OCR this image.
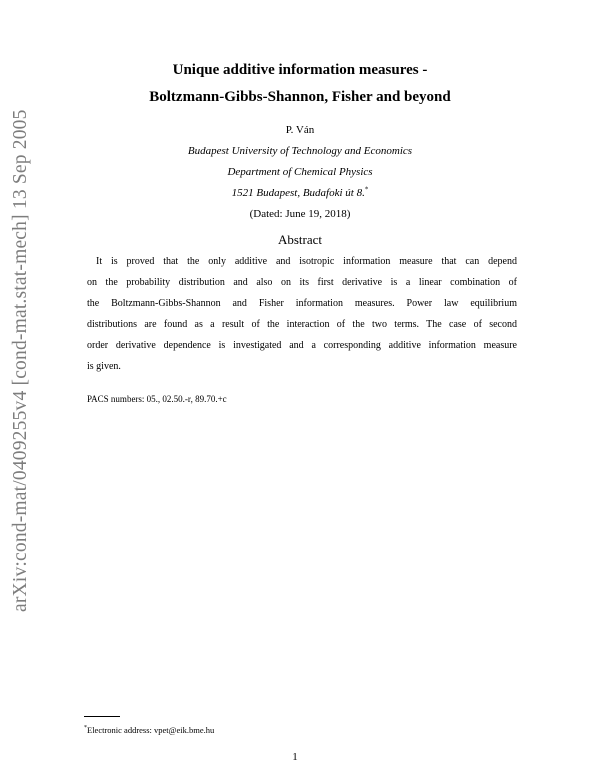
arXiv:cond-mat/0409255v4 [cond-mat.stat-mech] 13 Sep 2005
Unique additive information measures -
Boltzmann-Gibbs-Shannon, Fisher and beyond
P. Ván
Budapest University of Technology and Economics
Department of Chemical Physics
1521 Budapest, Budafoki út 8.*
(Dated: June 19, 2018)
Abstract
It is proved that the only additive and isotropic information measure that can depend
on the probability distribution and also on its first derivative is a linear combination of
the Boltzmann-Gibbs-Shannon and Fisher information measures. Power law equilibrium
distributions are found as a result of the interaction of the two terms. The case of second
order derivative dependence is investigated and a corresponding additive information measure
is given.
PACS numbers: 05., 02.50.-r, 89.70.+c
*Electronic address: vpet@eik.bme.hu
1
